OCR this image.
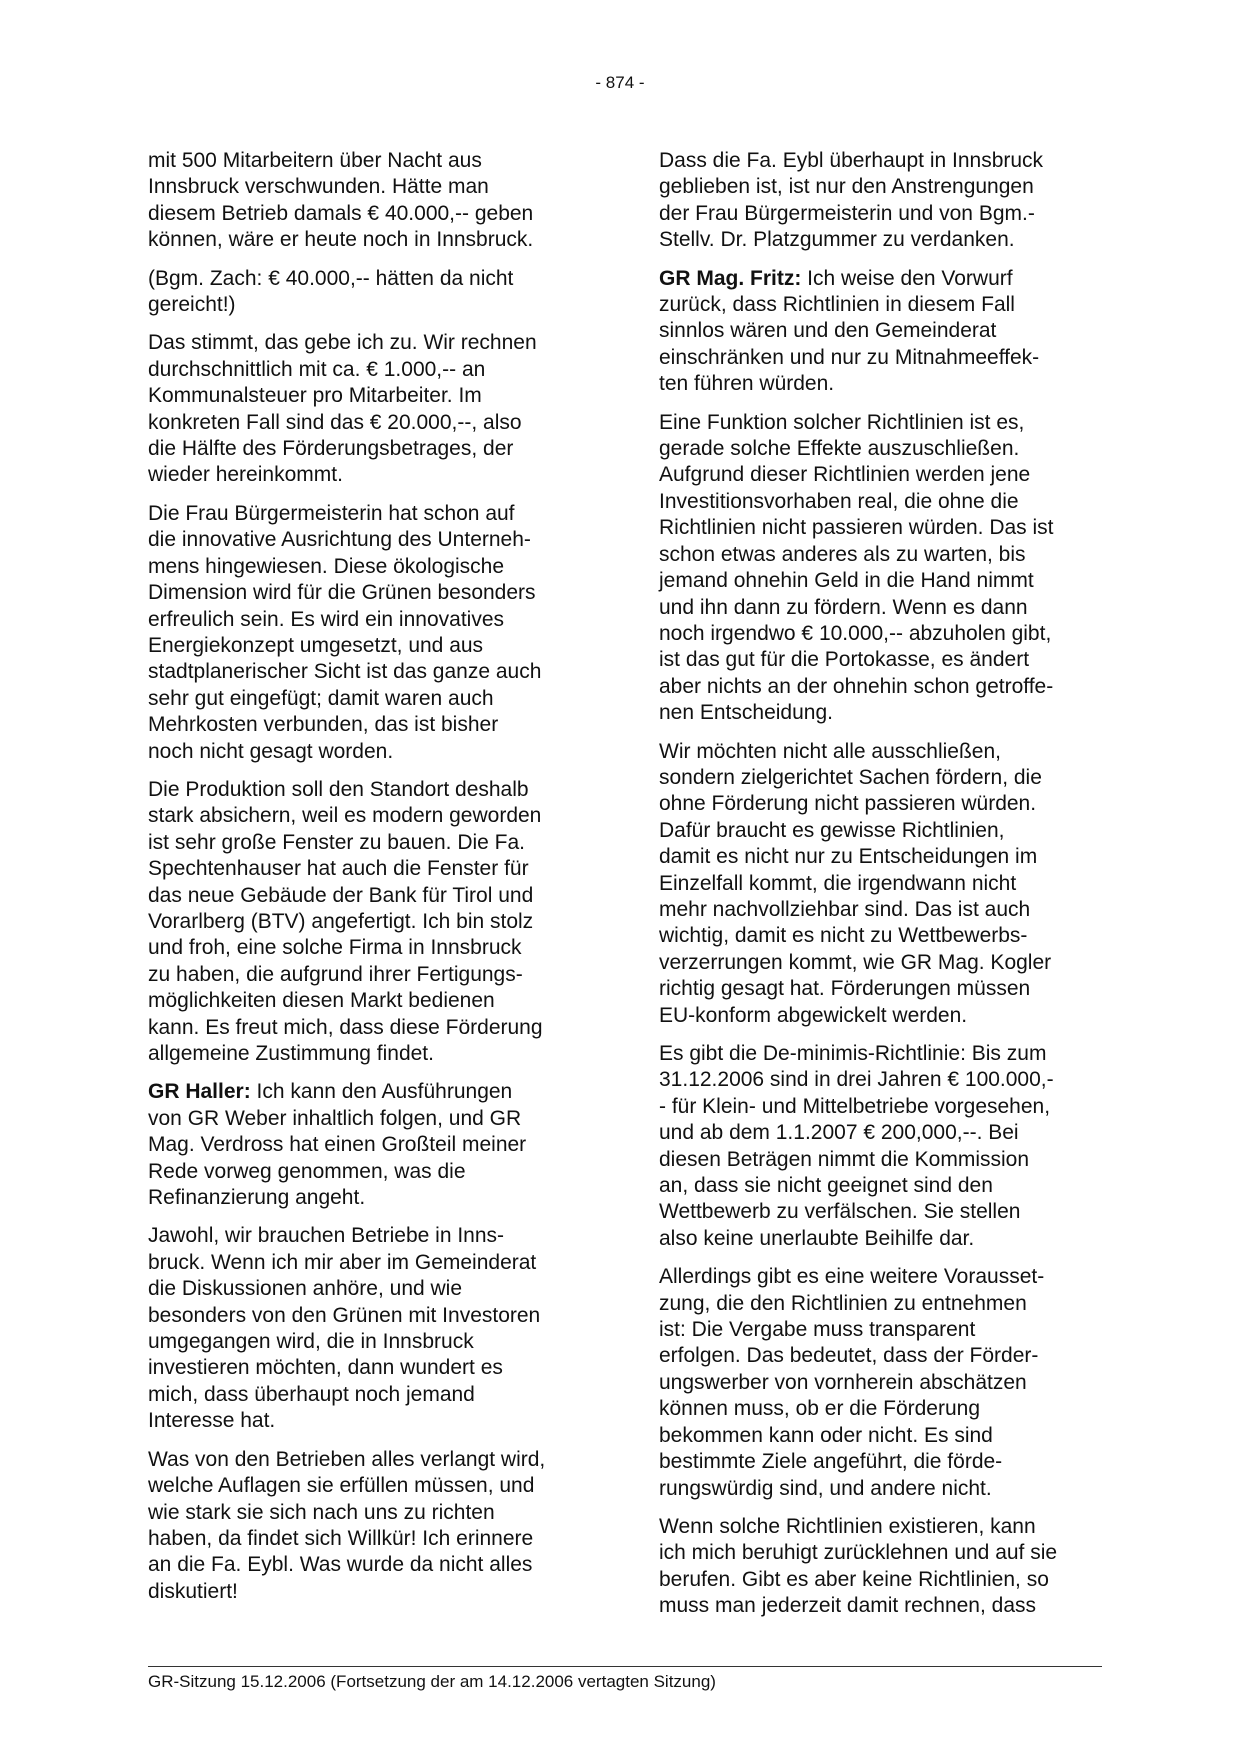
- 874 -

mit 500 Mitarbeitern über Nacht aus
Innsbruck verschwunden. Hätte man
diesem Betrieb damals € 40.000,-- geben
können, wäre er heute noch in Innsbruck.

(Bgm. Zach: € 40.000,-- hätten da nicht
gereicht!)

Das stimmt, das gebe ich zu. Wir rechnen
durchschnittlich mit ca. € 1.000,-- an
Kommunalsteuer pro Mitarbeiter. Im
konkreten Fall sind das € 20.000,--, also
die Hälfte des Förderungsbetrages, der
wieder hereinkommt.

Die Frau Bürgermeisterin hat schon auf
die innovative Ausrichtung des Unterneh-
mens hingewiesen. Diese ökologische
Dimension wird für die Grünen besonders
erfreulich sein. Es wird ein innovatives
Energiekonzept umgesetzt, und aus
stadtplanerischer Sicht ist das ganze auch
sehr gut eingefügt; damit waren auch
Mehrkosten verbunden, das ist bisher
noch nicht gesagt worden.

Die Produktion soll den Standort deshalb
stark absichern, weil es modern geworden
ist sehr große Fenster zu bauen. Die Fa.
Spechtenhauser hat auch die Fenster für
das neue Gebäude der Bank für Tirol und
Vorarlberg (BTV) angefertigt. Ich bin stolz
und froh, eine solche Firma in Innsbruck
zu haben, die aufgrund ihrer Fertigungs-
möglichkeiten diesen Markt bedienen
kann. Es freut mich, dass diese Förderung
allgemeine Zustimmung findet.

GR Haller: Ich kann den Ausführungen
von GR Weber inhaltlich folgen, und GR
Mag. Verdross hat einen Großteil meiner
Rede vorweg genommen, was die
Refinanzierung angeht.

Jawohl, wir brauchen Betriebe in Inns-
bruck. Wenn ich mir aber im Gemeinderat
die Diskussionen anhöre, und wie
besonders von den Grünen mit Investoren
umgegangen wird, die in Innsbruck
investieren möchten, dann wundert es
mich, dass überhaupt noch jemand
Interesse hat.

Was von den Betrieben alles verlangt wird,
welche Auflagen sie erfüllen müssen, und
wie stark sie sich nach uns zu richten
haben, da findet sich Willkür! Ich erinnere
an die Fa. Eybl. Was wurde da nicht alles
diskutiert!

Dass die Fa. Eybl überhaupt in Innsbruck
geblieben ist, ist nur den Anstrengungen
der Frau Bürgermeisterin und von Bgm.-
Stellv. Dr. Platzgummer zu verdanken.

GR Mag. Fritz: Ich weise den Vorwurf
zurück, dass Richtlinien in diesem Fall
sinnlos wären und den Gemeinderat
einschränken und nur zu Mitnahmeeffek-
ten führen würden.

Eine Funktion solcher Richtlinien ist es,
gerade solche Effekte auszuschließen.
Aufgrund dieser Richtlinien werden jene
Investitionsvorhaben real, die ohne die
Richtlinien nicht passieren würden. Das ist
schon etwas anderes als zu warten, bis
jemand ohnehin Geld in die Hand nimmt
und ihn dann zu fördern. Wenn es dann
noch irgendwo € 10.000,-- abzuholen gibt,
ist das gut für die Portokasse, es ändert
aber nichts an der ohnehin schon getroffe-
nen Entscheidung.

Wir möchten nicht alle ausschließen,
sondern zielgerichtet Sachen fördern, die
ohne Förderung nicht passieren würden.
Dafür braucht es gewisse Richtlinien,
damit es nicht nur zu Entscheidungen im
Einzelfall kommt, die irgendwann nicht
mehr nachvollziehbar sind. Das ist auch
wichtig, damit es nicht zu Wettbewerbs-
verzerrungen kommt, wie GR Mag. Kogler
richtig gesagt hat. Förderungen müssen
EU-konform abgewickelt werden.

Es gibt die De-minimis-Richtlinie: Bis zum
31.12.2006 sind in drei Jahren € 100.000,-
- für Klein- und Mittelbetriebe vorgesehen,
und ab dem 1.1.2007 € 200,000,--. Bei
diesen Beträgen nimmt die Kommission
an, dass sie nicht geeignet sind den
Wettbewerb zu verfälschen. Sie stellen
also keine unerlaubte Beihilfe dar.

Allerdings gibt es eine weitere Vorausset-
zung, die den Richtlinien zu entnehmen
ist: Die Vergabe muss transparent
erfolgen. Das bedeutet, dass der Förder-
ungswerber von vornherein abschätzen
können muss, ob er die Förderung
bekommen kann oder nicht. Es sind
bestimmte Ziele angeführt, die förde-
rungswürdig sind, und andere nicht.

Wenn solche Richtlinien existieren, kann
ich mich beruhigt zurücklehnen und auf sie
berufen. Gibt es aber keine Richtlinien, so
muss man jederzeit damit rechnen, dass

GR-Sitzung 15.12.2006 (Fortsetzung der am 14.12.2006 vertagten Sitzung)
